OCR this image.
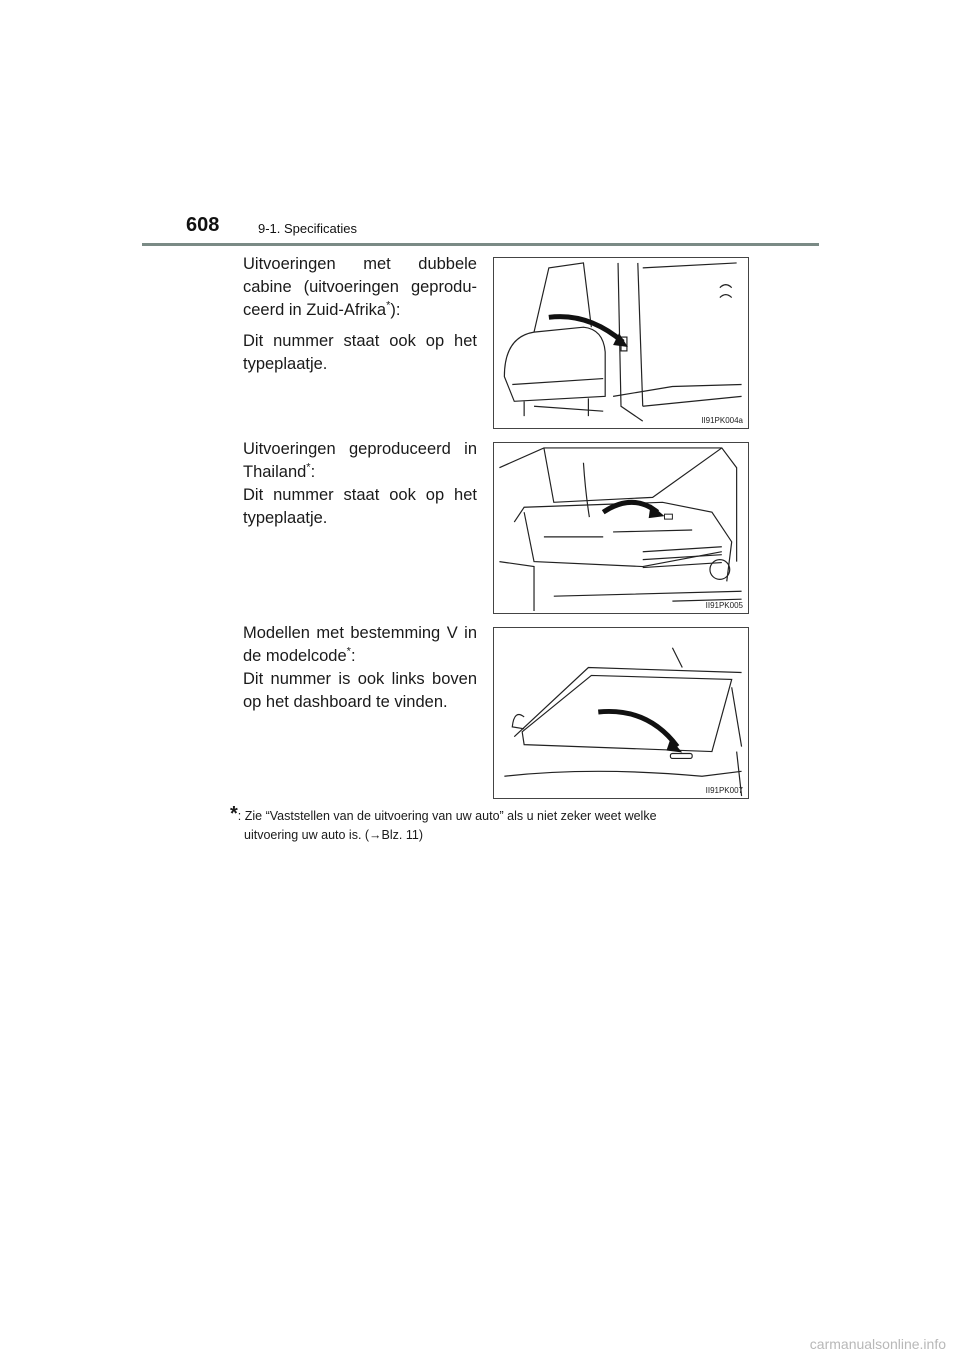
608	9-1. Specificaties

Uitvoeringen met dubbele cabine (uitvoeringen geprodu-ceerd in Zuid-Afrika*):

Dit nummer staat ook op het typeplaatje.

II91PK004a

Uitvoeringen geproduceerd in Thailand*:

Dit nummer staat ook op het typeplaatje.

II91PK005

Modellen met bestemming V in de modelcode*:

Dit nummer is ook links boven op het dashboard te vinden.

II91PK007
*: Zie “Vaststellen van de uitvoering van uw auto” als u niet zeker weet welke
uitvoering uw auto is. (→Blz. 11)
carmanualsonline.info
